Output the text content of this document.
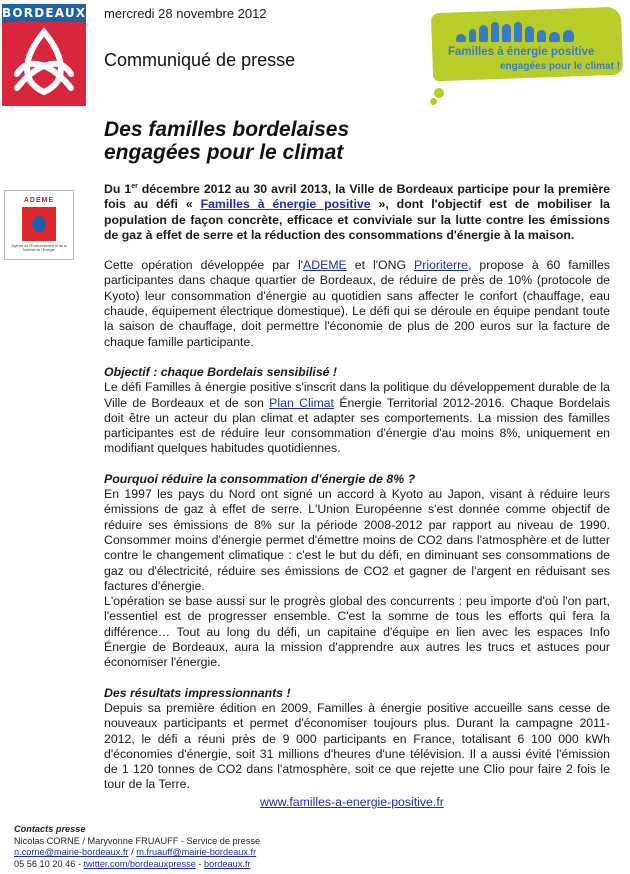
BORDEAUX mercredi 28 novembre 2012
Communiqué de presse	Familles à énergie positive
engagées pour le climat !
Des familles bordelaises
engagées pour le climat
ADEME
Agence de l'Environnement et de la Maîtrise de l'Énergie

Du 1er décembre 2012 au 30 avril 2013, la Ville de Bordeaux participe pour la première fois au défi « Familles à énergie positive », dont l'objectif est de mobiliser la population de façon concrète, efficace et conviviale sur la lutte contre les émissions de gaz à effet de serre et la réduction des consommations d'énergie à la maison.

Cette opération développée par l'ADEME et l'ONG Prioriterre, propose à 60 familles participantes dans chaque quartier de Bordeaux, de réduire de près de 10% (protocole de Kyoto) leur consommation d'énergie au quotidien sans affecter le confort (chauffage, eau chaude, équipement électrique domestique). Le défi qui se déroule en équipe pendant toute la saison de chauffage, doit permettre l'économie de plus de 200 euros sur la facture de chaque famille participante.

Objectif : chaque Bordelais sensibilisé !

Le défi Familles à énergie positive s'inscrit dans la politique du développement durable de la Ville de Bordeaux et de son Plan Climat Énergie Territorial 2012-2016. Chaque Bordelais doit être un acteur du plan climat et adapter ses comportements. La mission des familles participantes est de réduire leur consommation d'énergie d'au moins 8%, uniquement en modifiant quelques habitudes quotidiennes.

Pourquoi réduire la consommation d'énergie de 8% ?

En 1997 les pays du Nord ont signé un accord à Kyoto au Japon, visant à réduire leurs émissions de gaz à effet de serre. L'Union Européenne s'est donnée comme objectif de réduire ses émissions de 8% sur la période 2008-2012 par rapport au niveau de 1990. Consommer moins d'énergie permet d'émettre moins de CO2 dans l'atmosphère et de lutter contre le changement climatique : c'est le but du défi, en diminuant ses consommations de gaz ou d'électricité, réduire ses émissions de CO2 et gagner de l'argent en réduisant ses factures d'énergie.

L'opération se base aussi sur le progrès global des concurrents : peu importe d'où l'on part, l'essentiel est de progresser ensemble. C'est la somme de tous les efforts qui fera la différence… Tout au long du défi, un capitaine d'équipe en lien avec les espaces Info Énergie de Bordeaux, aura la mission d'apprendre aux autres les trucs et astuces pour économiser l'énergie.

Des résultats impressionnants !

Depuis sa première édition en 2009, Familles à énergie positive accueille sans cesse de nouveaux participants et permet d'économiser toujours plus. Durant la campagne 2011-2012, le défi a réuni près de 9 000 participants en France, totalisant 6 100 000 kWh d'économies d'énergie, soit 31 millions d'heures d'une télévision. Il a aussi évité l'émission de 1 120 tonnes de CO2 dans l'atmosphère, soit ce que rejette une Clio pour faire 2 fois le tour de la Terre.

www.familles-a-energie-positive.fr
Contacts presse
Nicolas CORNE / Maryvonne FRUAUFF - Service de presse
n.corne@mairie-bordeaux.fr / m.fruauff@mairie-bordeaux.fr
05 56 10 20 46 - twitter.com/bordeauxpresse - bordeaux.fr
